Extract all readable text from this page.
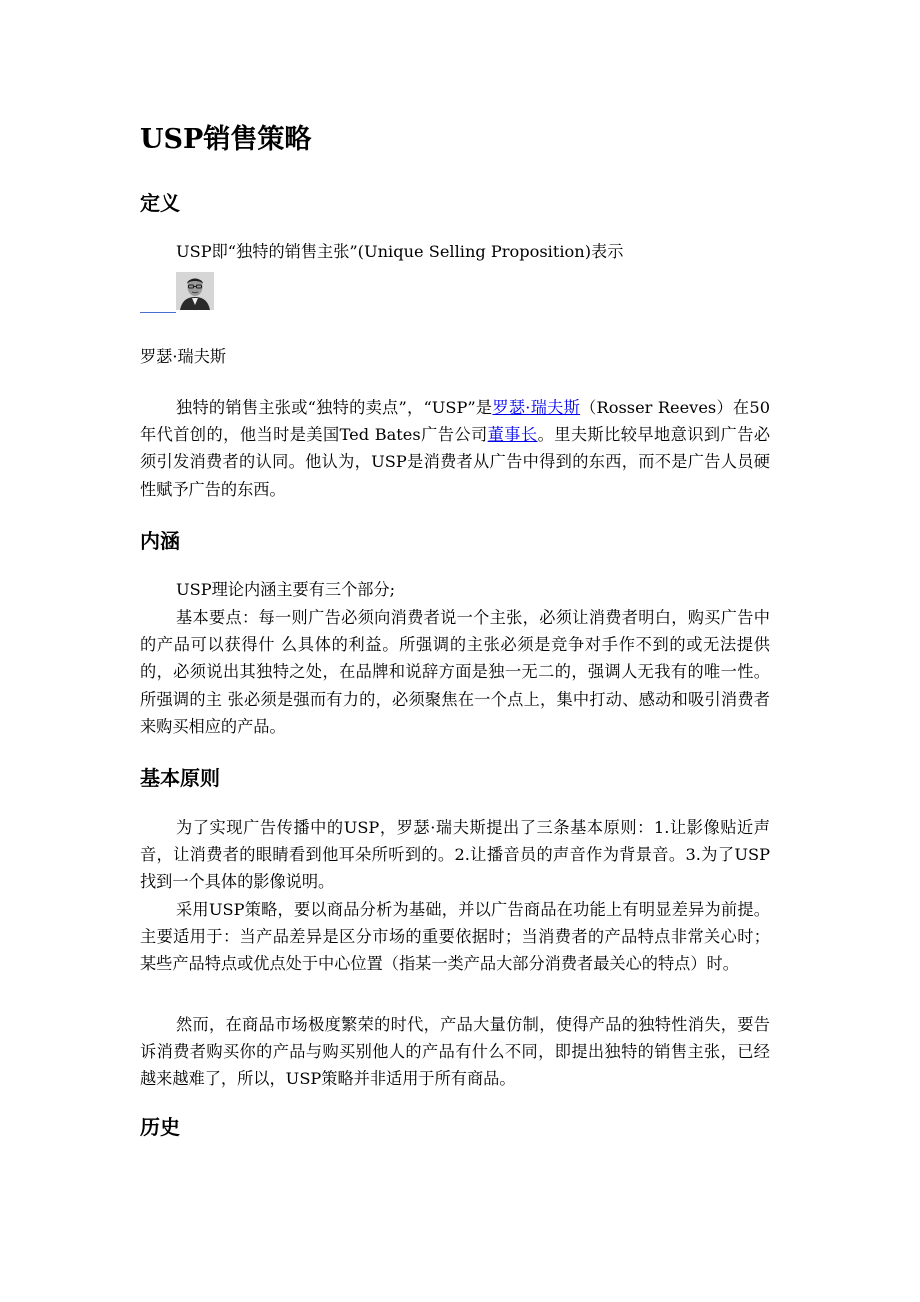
USP销售策略
定义

USP即“独特的销售主张”(Unique Selling Proposition)表示

罗瑟·瑞夫斯

独特的销售主张或“独特的卖点”，“USP”是罗瑟·瑞夫斯（Rosser Reeves）在50年代首创的，他当时是美国Ted Bates广告公司董事长。里夫斯比较早地意识到广告必须引发消费者的认同。他认为，USP是消费者从广告中得到的东西，而不是广告人员硬性赋予广告的东西。

内涵

USP理论内涵主要有三个部分;

基本要点：每一则广告必须向消费者说一个主张，必须让消费者明白，购买广告中的产品可以获得什 么具体的利益。所强调的主张必须是竞争对手作不到的或无法提供的，必须说出其独特之处，在品牌和说辞方面是独一无二的，强调人无我有的唯一性。所强调的主 张必须是强而有力的，必须聚焦在一个点上，集中打动、感动和吸引消费者来购买相应的产品。

基本原则

为了实现广告传播中的USP，罗瑟·瑞夫斯提出了三条基本原则：1.让影像贴近声音，让消费者的眼睛看到他耳朵所听到的。2.让播音员的声音作为背景音。3.为了USP找到一个具体的影像说明。

采用USP策略，要以商品分析为基础，并以广告商品在功能上有明显差异为前提。主要适用于：当产品差异是区分市场的重要依据时；当消费者的产品特点非常关心时；某些产品特点或优点处于中心位置（指某一类产品大部分消费者最关心的特点）时。

然而，在商品市场极度繁荣的时代，产品大量仿制，使得产品的独特性消失，要告诉消费者购买你的产品与购买别他人的产品有什么不同，即提出独特的销售主张，已经越来越难了，所以，USP策略并非适用于所有商品。

历史
